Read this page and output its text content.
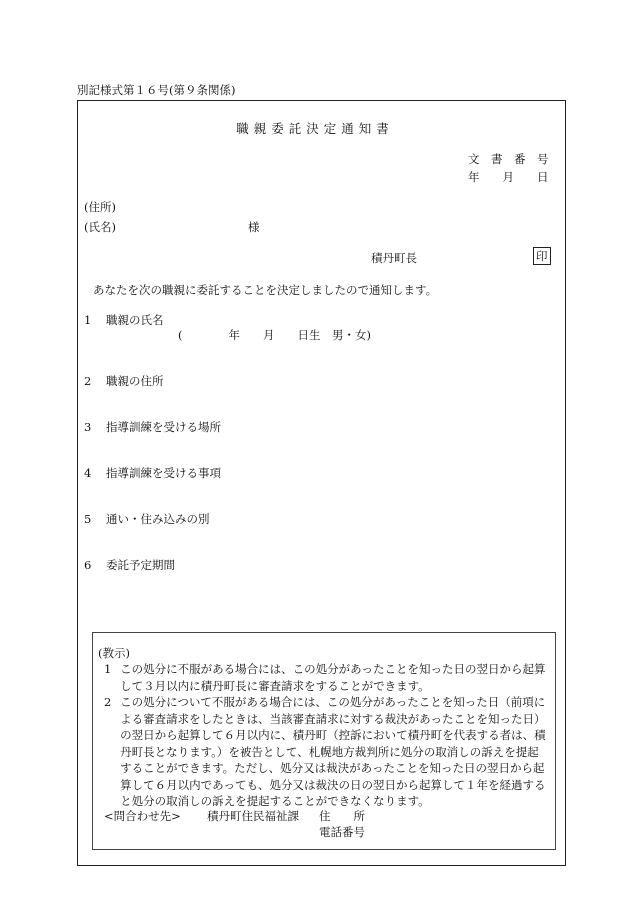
別記様式第１６号(第９条関係)
職親委託決定通知書
文　書　番　号
年　　月　　日
(住所)
(氏名)	様
積丹町長	印
あなたを次の職親に委託することを決定しましたので通知します。
1 職親の氏名
(　　　　年　　月　　日生　男・女)
2 職親の住所
3 指導訓練を受ける場所
4 指導訓練を受ける事項
5 通い・住み込みの別
6 委託予定期間
(教示)
1 この処分に不服がある場合には、この処分があったことを知った日の翌日から起算して３月以内に積丹町長に審査請求をすることができます。
2 この処分について不服がある場合には、この処分があったことを知った日（前項による審査請求をしたときは、当該審査請求に対する裁決があったことを知った日）の翌日から起算して６月以内に、積丹町（控訴において積丹町を代表する者は、積丹町長となります。）を被告として、札幌地方裁判所に処分の取消しの訴えを提起することができます。ただし、処分又は裁決があったことを知った日の翌日から起算して６月以内であっても、処分又は裁決の日の翌日から起算して１年を経過すると処分の取消しの訴えを提起することができなくなります。
<問合わせ先> 積丹町住民福祉課 住　　所
電話番号
